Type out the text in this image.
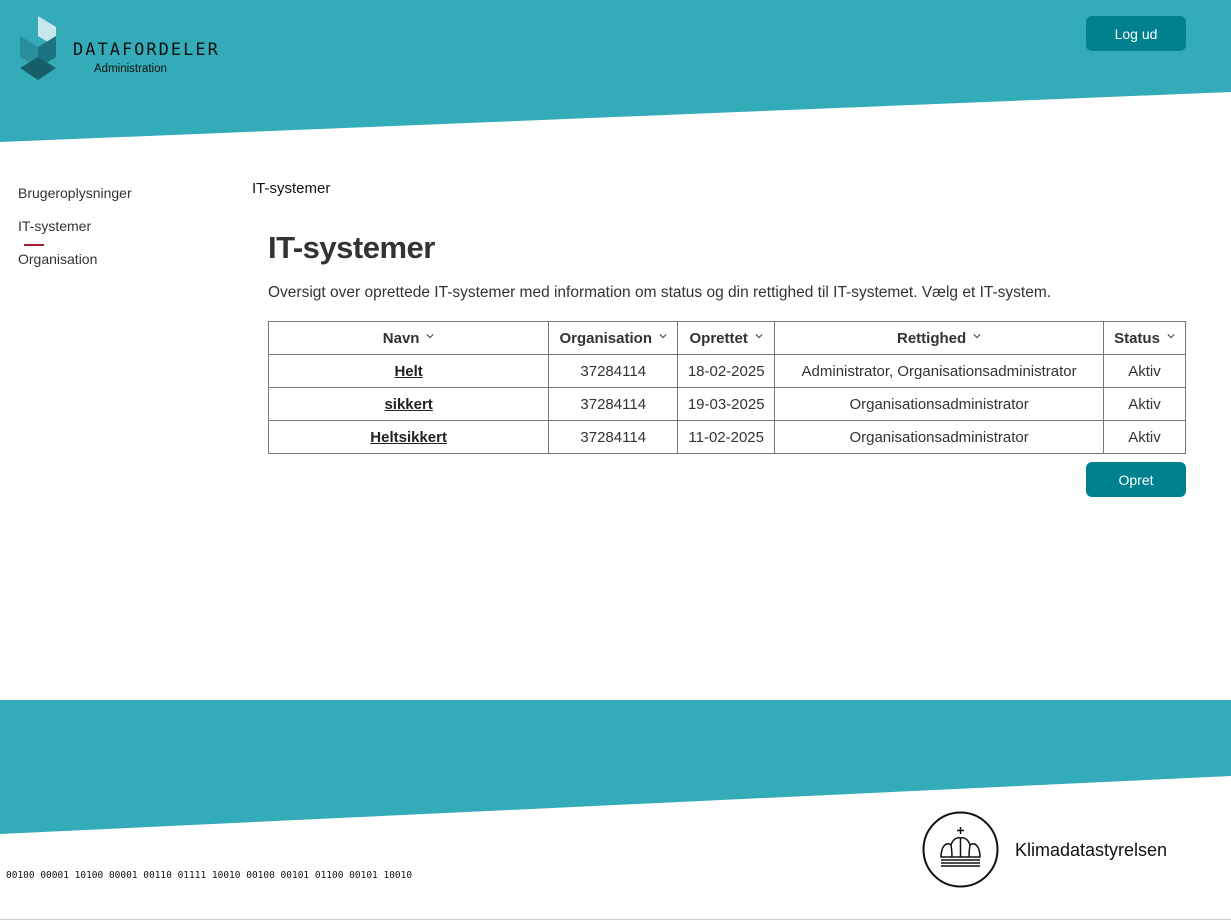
DATAFORDELER
Administration
Log ud
Brugeroplysninger
IT-systemer
Organisation
IT-systemer
IT-systemer

Oversigt over oprettede IT-systemer med information om status og din rettighed til IT-systemet. Vælg et IT-system.

Navn	Organisation	Oprettet	Rettighed	Status
Helt	37284114	18-02-2025	Administrator, Organisationsadministrator	Aktiv
sikkert	37284114	19-03-2025	Organisationsadministrator	Aktiv
Heltsikkert	37284114	11-02-2025	Organisationsadministrator	Aktiv
Opret
Klimadatastyrelsen
00100 00001 10100 00001 00110 01111 10010 00100 00101 01100 00101 10010
